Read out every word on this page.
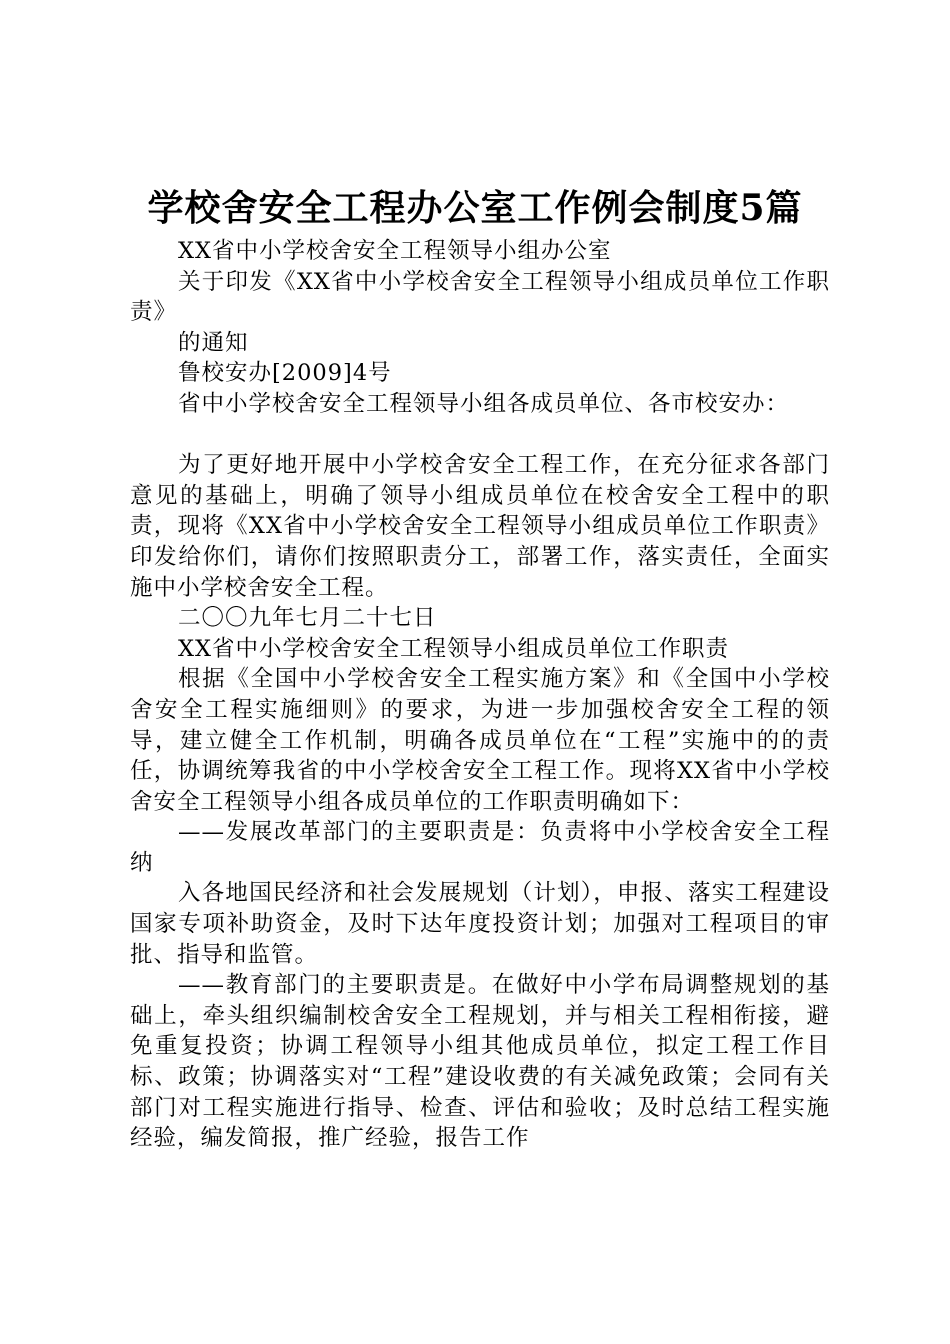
学校舍安全工程办公室工作例会制度5篇

XX省中小学校舍安全工程领导小组办公室

关于印发《XX省中小学校舍安全工程领导小组成员单位工作职责》

的通知

鲁校安办[2009]4号

省中小学校舍安全工程领导小组各成员单位、各市校安办：

为了更好地开展中小学校舍安全工程工作，在充分征求各部门意见的基础上，明确了领导小组成员单位在校舍安全工程中的职责，现将《XX省中小学校舍安全工程领导小组成员单位工作职责》印发给你们，请你们按照职责分工，部署工作，落实责任，全面实施中小学校舍安全工程。

二〇〇九年七月二十七日

XX省中小学校舍安全工程领导小组成员单位工作职责

根据《全国中小学校舍安全工程实施方案》和《全国中小学校舍安全工程实施细则》的要求，为进一步加强校舍安全工程的领导，建立健全工作机制，明确各成员单位在“工程”实施中的的责任，协调统筹我省的中小学校舍安全工程工作。现将XX省中小学校舍安全工程领导小组各成员单位的工作职责明确如下：

——发展改革部门的主要职责是：负责将中小学校舍安全工程纳

入各地国民经济和社会发展规划（计划），申报、落实工程建设国家专项补助资金，及时下达年度投资计划；加强对工程项目的审批、指导和监管。

——教育部门的主要职责是。在做好中小学布局调整规划的基础上，牵头组织编制校舍安全工程规划，并与相关工程相衔接，避免重复投资；协调工程领导小组其他成员单位，拟定工程工作目标、政策；协调落实对“工程”建设收费的有关减免政策；会同有关部门对工程实施进行指导、检查、评估和验收；及时总结工程实施经验，编发简报，推广经验，报告工作
